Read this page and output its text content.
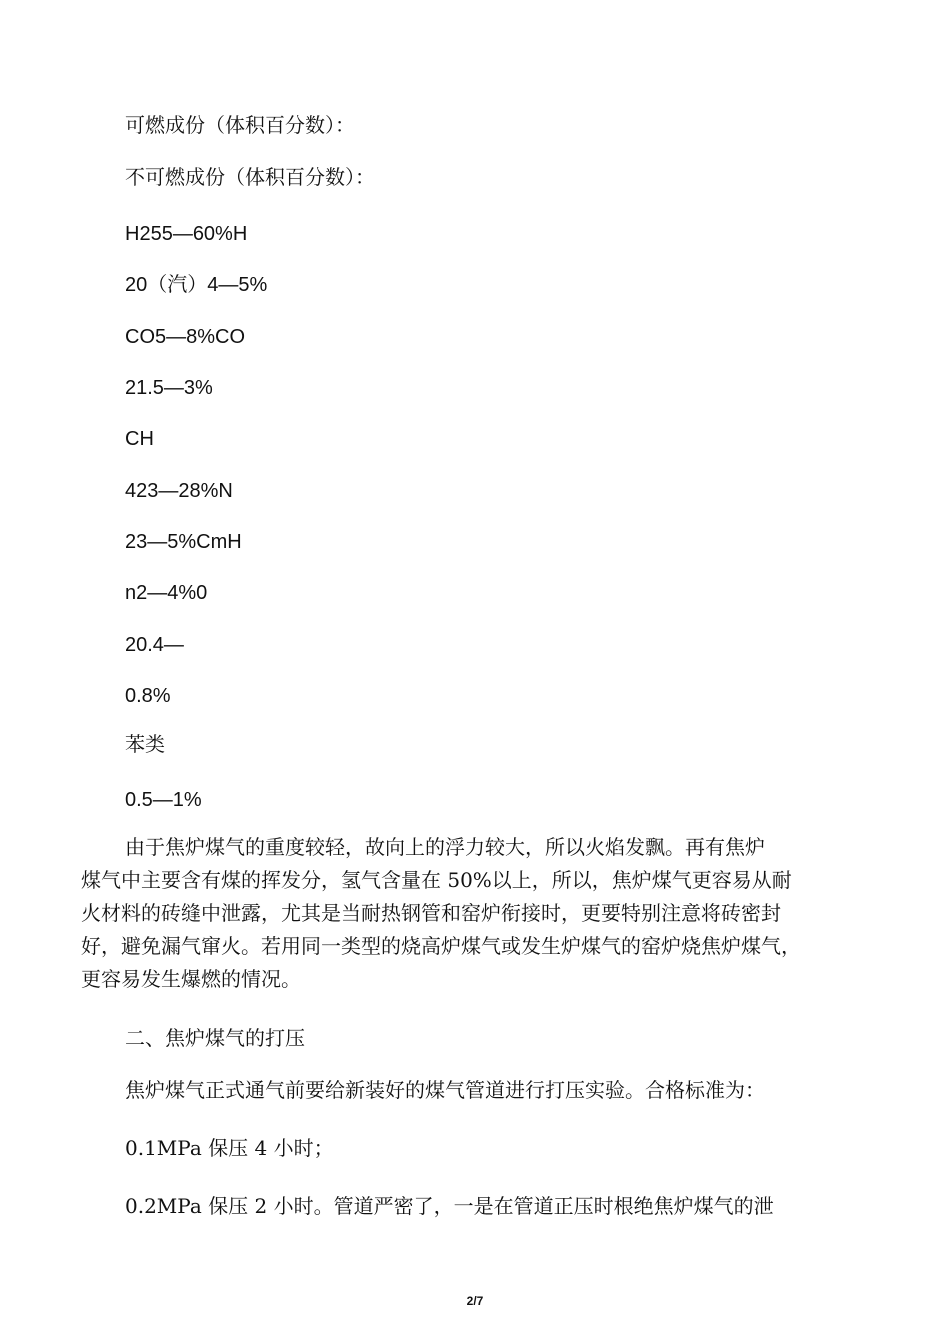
可燃成份（体积百分数）：
不可燃成份（体积百分数）：
H255—60%H
20（汽）4—5%
CO5—8%CO
21.5—3%
CH
423—28%N
23—5%CmH
n2—4%0
20.4—
0.8%
苯类
0.5—1%
由于焦炉煤气的重度较轻，故向上的浮力较大，所以火焰发飘。再有焦炉
煤气中主要含有煤的挥发分，氢气含量在 50%以上，所以，焦炉煤气更容易从耐
火材料的砖缝中泄露，尤其是当耐热钢管和窑炉衔接时，更要特别注意将砖密封
好，避免漏气窜火。若用同一类型的烧高炉煤气或发生炉煤气的窑炉烧焦炉煤气，
更容易发生爆燃的情况。
二、焦炉煤气的打压
焦炉煤气正式通气前要给新装好的煤气管道进行打压实验。合格标准为：
0.1MPa 保压 4 小时；
0.2MPa 保压 2 小时。管道严密了，一是在管道正压时根绝焦炉煤气的泄
2/7
